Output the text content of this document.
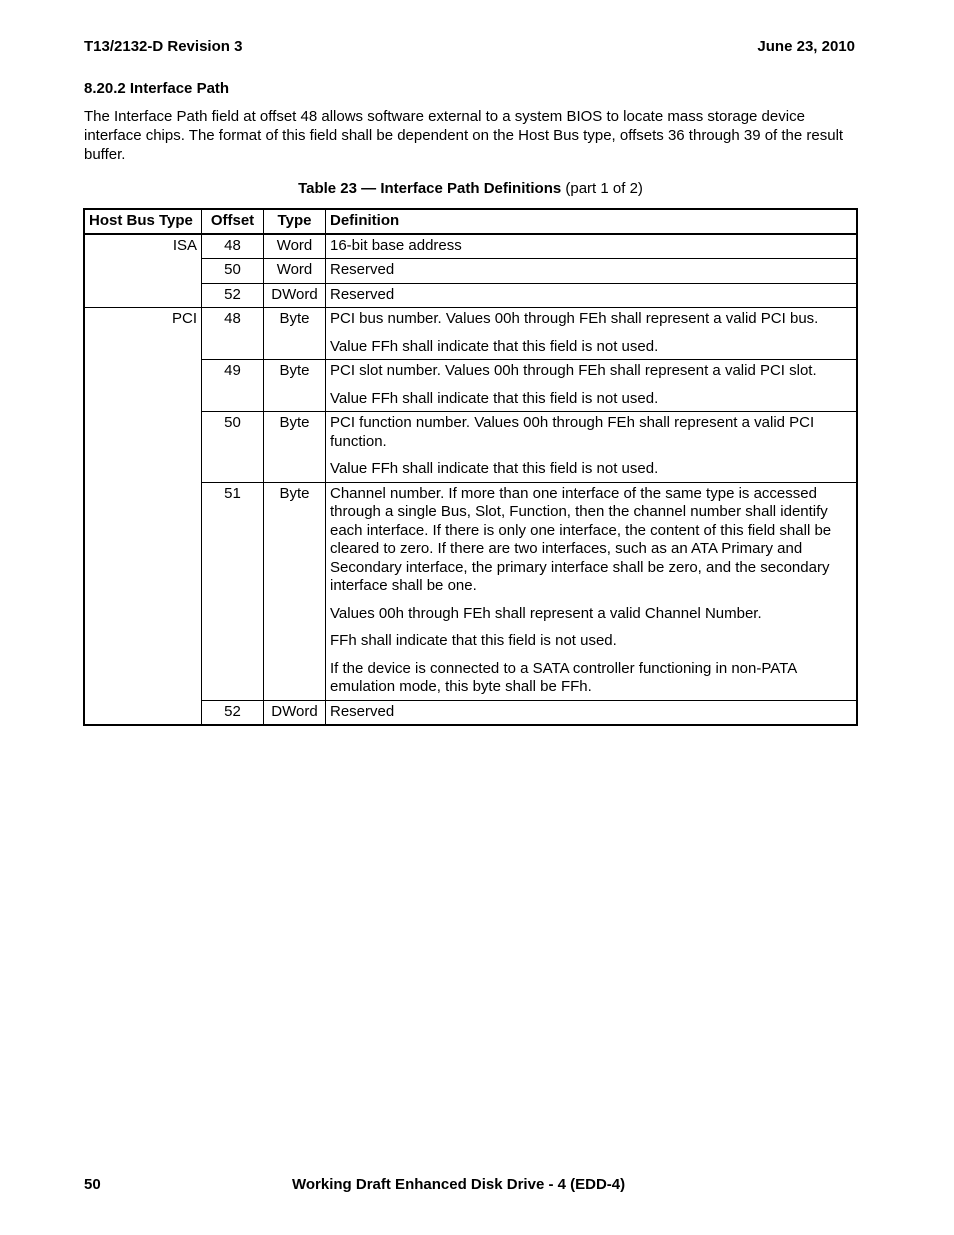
T13/2132-D Revision 3	June 23, 2010
8.20.2 Interface Path

The Interface Path field at offset 48 allows software external to a system BIOS to locate mass storage device interface chips. The format of this field shall be dependent on the Host Bus type, offsets 36 through 39 of the result buffer.

Table 23 — Interface Path Definitions (part 1 of 2)
Host Bus Type	Offset	Type	Definition
ISA	48	Word	16-bit base address

	50	Word	Reserved

	52	DWord	Reserved

PCI	48	Byte	PCI bus number. Values 00h through FEh shall represent a valid PCI bus.

Value FFh shall indicate that this field is not used.

	49	Byte	PCI slot number. Values 00h through FEh shall represent a valid PCI slot.

Value FFh shall indicate that this field is not used.

	50	Byte	PCI function number. Values 00h through FEh shall represent a valid PCI function.

Value FFh shall indicate that this field is not used.

	51	Byte	Channel number. If more than one interface of the same type is accessed through a single Bus, Slot, Function, then the channel number shall identify each interface. If there is only one interface, the content of this field shall be cleared to zero. If there are two interfaces, such as an ATA Primary and Secondary interface, the primary interface shall be zero, and the secondary interface shall be one.

Values 00h through FEh shall represent a valid Channel Number.

FFh shall indicate that this field is not used.

If the device is connected to a SATA controller functioning in non-PATA emulation mode, this byte shall be FFh.

	52	DWord	Reserved

50	Working Draft Enhanced Disk Drive - 4 (EDD-4)
